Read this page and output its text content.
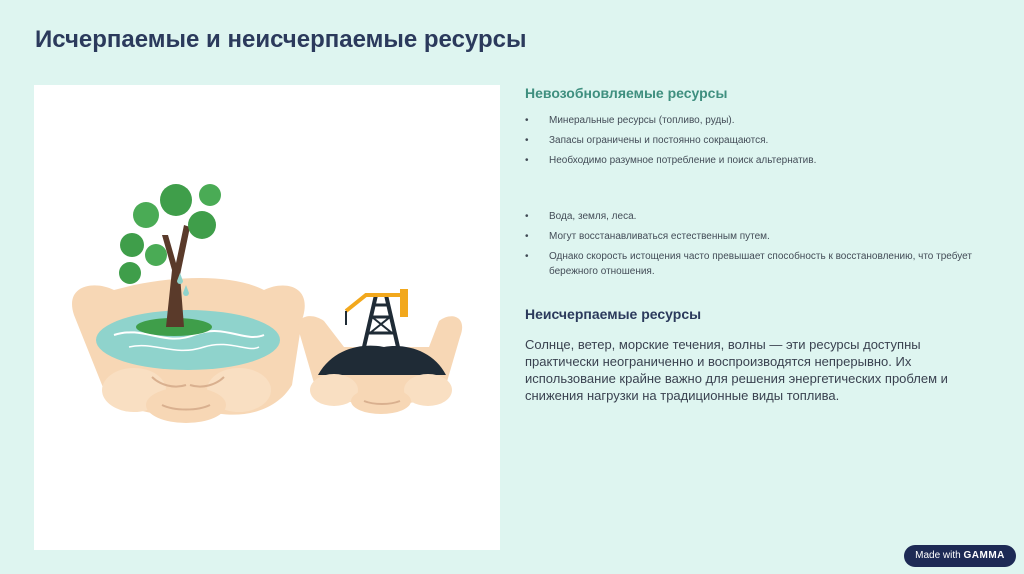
Исчерпаемые и неисчерпаемые ресурсы
Невозобновляемые ресурсы
• Минеральные ресурсы (топливо, руды).
• Запасы ограничены и постоянно сокращаются.
• Необходимо разумное потребление и поиск альтернатив.
• Вода, земля, леса.
• Могут восстанавливаться естественным путем.
• Однако скорость истощения часто превышает способность к восстановлению, что требует бережного отношения.
Неисчерпаемые ресурсы

Солнце, ветер, морские течения, волны — эти ресурсы доступны практически неограниченно и воспроизводятся непрерывно. Их использование крайне важно для решения энергетических проблем и снижения нагрузки на традиционные виды топлива.

Made with GAMMA
